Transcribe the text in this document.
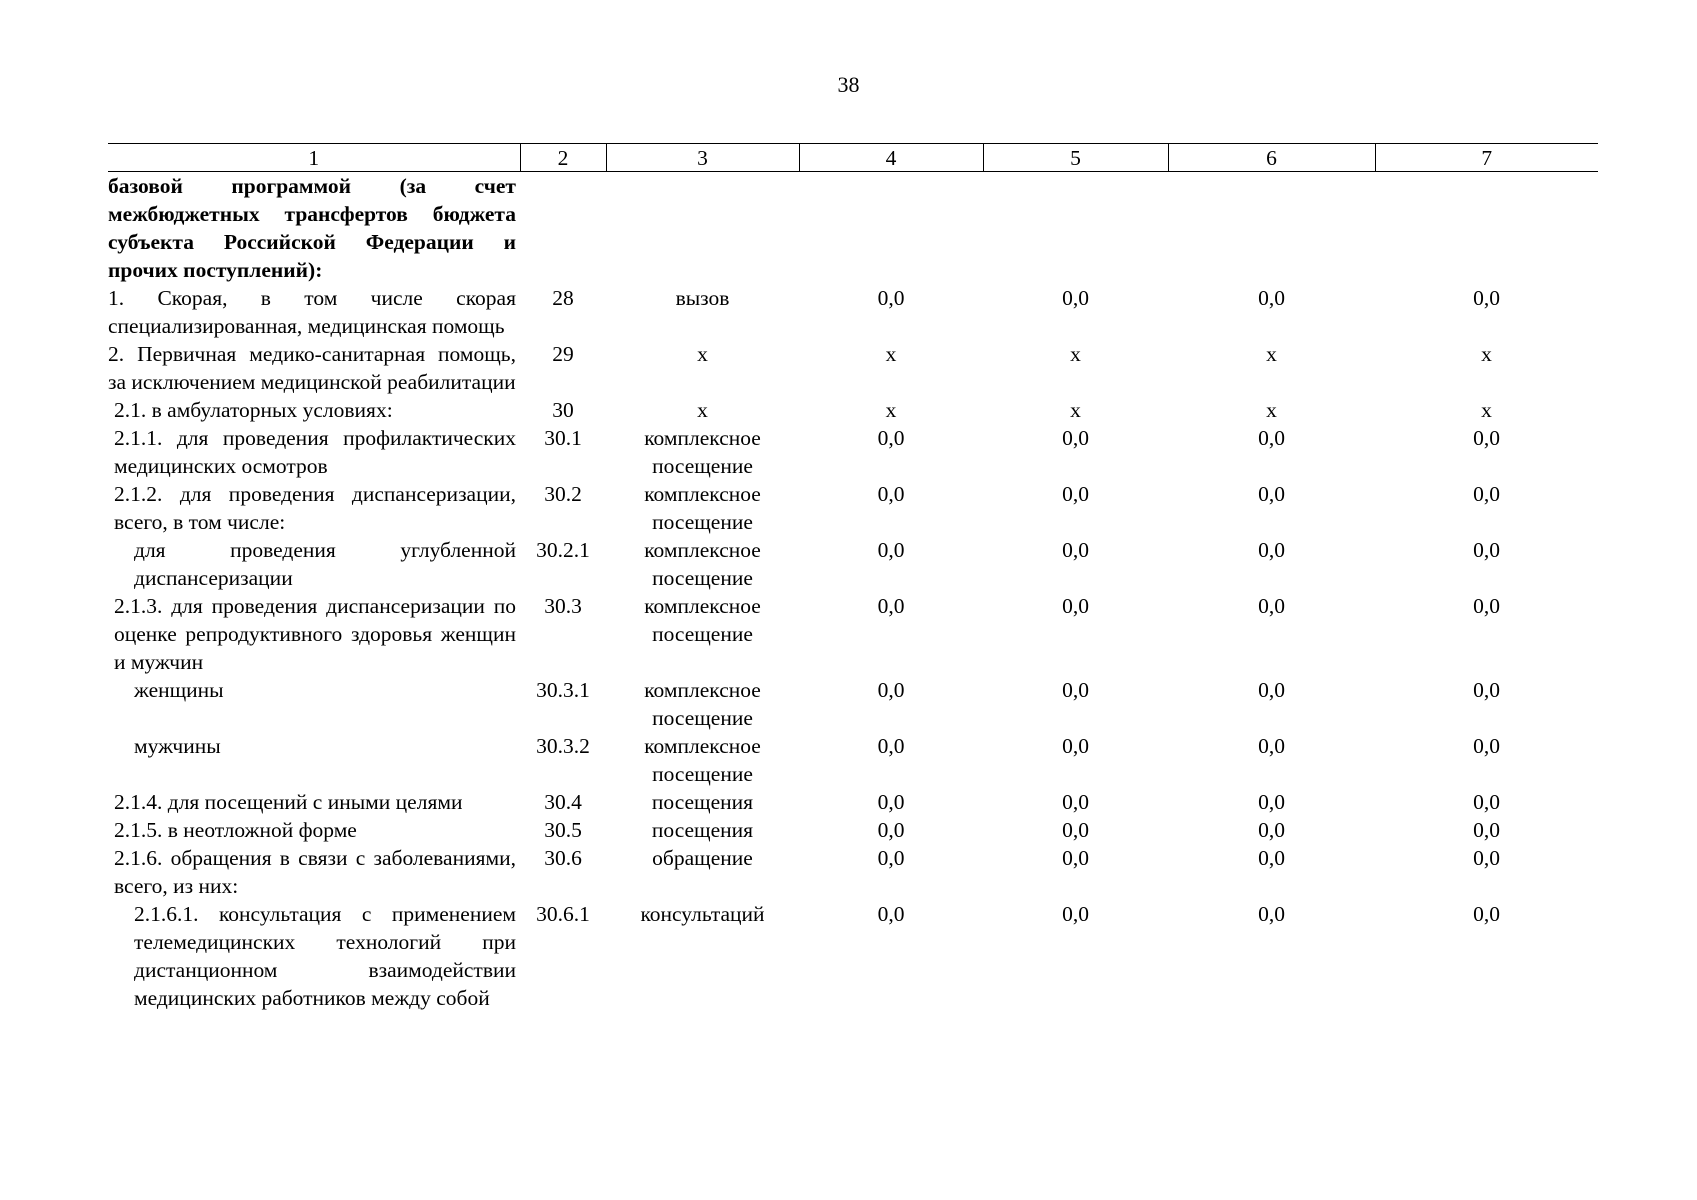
38
1	2	3	4	5	6	7
базовой программой (за счет межбюджетных трансфертов бюджета субъекта Российской Федерации и прочих поступлений):						
1. Скорая, в том числе скорая специализированная, медицинская помощь	28	вызов	0,0	0,0	0,0	0,0
2. Первичная медико-санитарная помощь, за исключением медицинской реабилитации	29	х	х	х	х	х
2.1. в амбулаторных условиях:	30	х	х	х	х	х
2.1.1. для проведения профилактических медицинских осмотров	30.1	комплексное посещение	0,0	0,0	0,0	0,0
2.1.2. для проведения диспансеризации, всего, в том числе:	30.2	комплексное посещение	0,0	0,0	0,0	0,0
для проведения углубленной диспансеризации	30.2.1	комплексное посещение	0,0	0,0	0,0	0,0
2.1.3. для проведения диспансеризации по оценке репродуктивного здоровья женщин и мужчин	30.3	комплексное посещение	0,0	0,0	0,0	0,0
женщины	30.3.1	комплексное посещение	0,0	0,0	0,0	0,0
мужчины	30.3.2	комплексное посещение	0,0	0,0	0,0	0,0
2.1.4. для посещений с иными целями	30.4	посещения	0,0	0,0	0,0	0,0
2.1.5. в неотложной форме	30.5	посещения	0,0	0,0	0,0	0,0
2.1.6. обращения в связи с заболеваниями, всего, из них:	30.6	обращение	0,0	0,0	0,0	0,0
2.1.6.1. консультация с применением телемедицинских технологий при дистанционном взаимодействии медицинских работников между собой	30.6.1	консультаций	0,0	0,0	0,0	0,0
